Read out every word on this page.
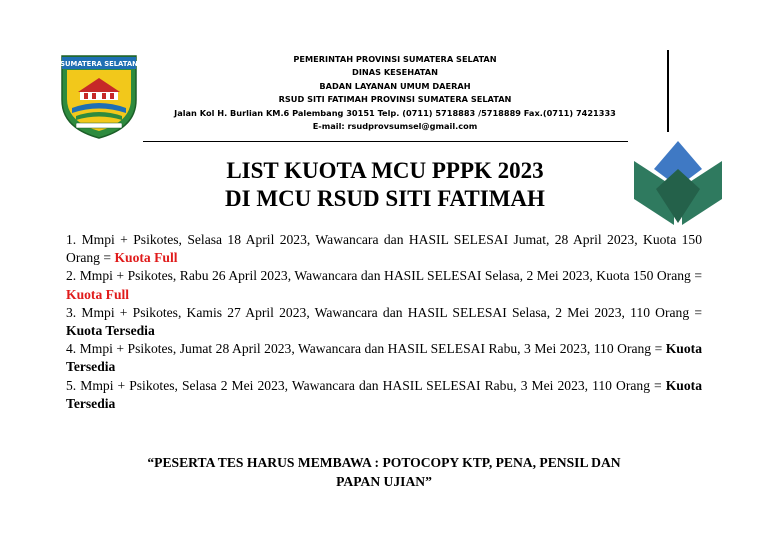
SUMATERA SELATAN	PEMERINTAH PROVINSI SUMATERA SELATAN
DINAS KESEHATAN
BADAN LAYANAN UMUM DAERAH
RSUD SITI FATIMAH PROVINSI SUMATERA SELATAN
Jalan Kol H. Burlian KM.6 Palembang 30151 Telp. (0711) 5718883 /5718889 Fax.(0711) 7421333
E-mail: rsudprovsumsel@gmail.com
LIST KUOTA MCU PPPK 2023
DI MCU RSUD SITI FATIMAH

1. Mmpi + Psikotes, Selasa 18 April 2023, Wawancara dan HASIL SELESAI Jumat, 28 April 2023, Kuota 150 Orang = Kuota Full

2. Mmpi + Psikotes, Rabu 26 April 2023, Wawancara dan HASIL SELESAI Selasa, 2 Mei 2023, Kuota 150 Orang = Kuota Full

3. Mmpi + Psikotes, Kamis 27 April 2023, Wawancara dan HASIL SELESAI Selasa, 2 Mei 2023, 110 Orang = Kuota Tersedia

4. Mmpi + Psikotes, Jumat 28 April 2023, Wawancara dan HASIL SELESAI Rabu, 3 Mei 2023, 110 Orang = Kuota Tersedia

5. Mmpi + Psikotes, Selasa 2 Mei 2023, Wawancara dan HASIL SELESAI Rabu, 3 Mei 2023, 110 Orang = Kuota Tersedia

“PESERTA TES HARUS MEMBAWA : POTOCOPY KTP, PENA, PENSIL DAN
PAPAN UJIAN”
